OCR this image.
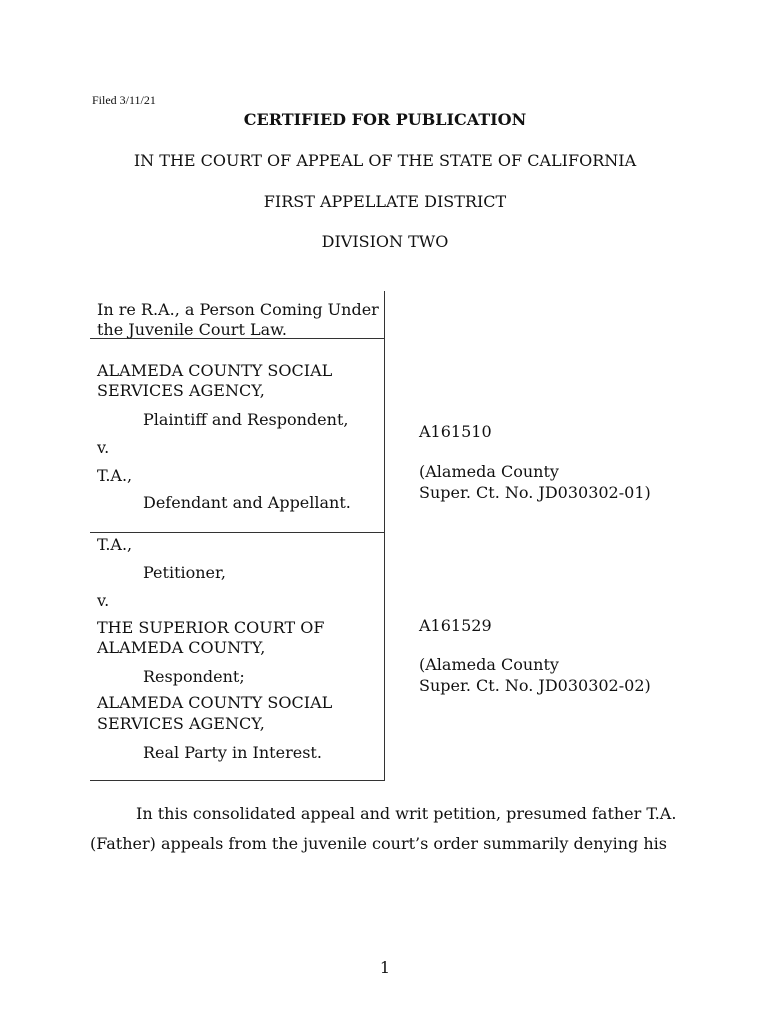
Filed 3/11/21
CERTIFIED FOR PUBLICATION
IN THE COURT OF APPEAL OF THE STATE OF CALIFORNIA
FIRST APPELLATE DISTRICT
DIVISION TWO
In re R.A., a Person Coming Under
the Juvenile Court Law.
ALAMEDA COUNTY SOCIAL
SERVICES AGENCY,
Plaintiff and Respondent,
v.
T.A.,
Defendant and Appellant.
A161510
(Alameda County
Super. Ct. No. JD030302-01)
T.A.,
Petitioner,
v.
THE SUPERIOR COURT OF
ALAMEDA COUNTY,
Respondent;
ALAMEDA COUNTY SOCIAL
SERVICES AGENCY,
Real Party in Interest.
A161529
(Alameda County
Super. Ct. No. JD030302-02)
In this consolidated appeal and writ petition, presumed father T.A.
(Father) appeals from the juvenile court’s order summarily denying his
1
